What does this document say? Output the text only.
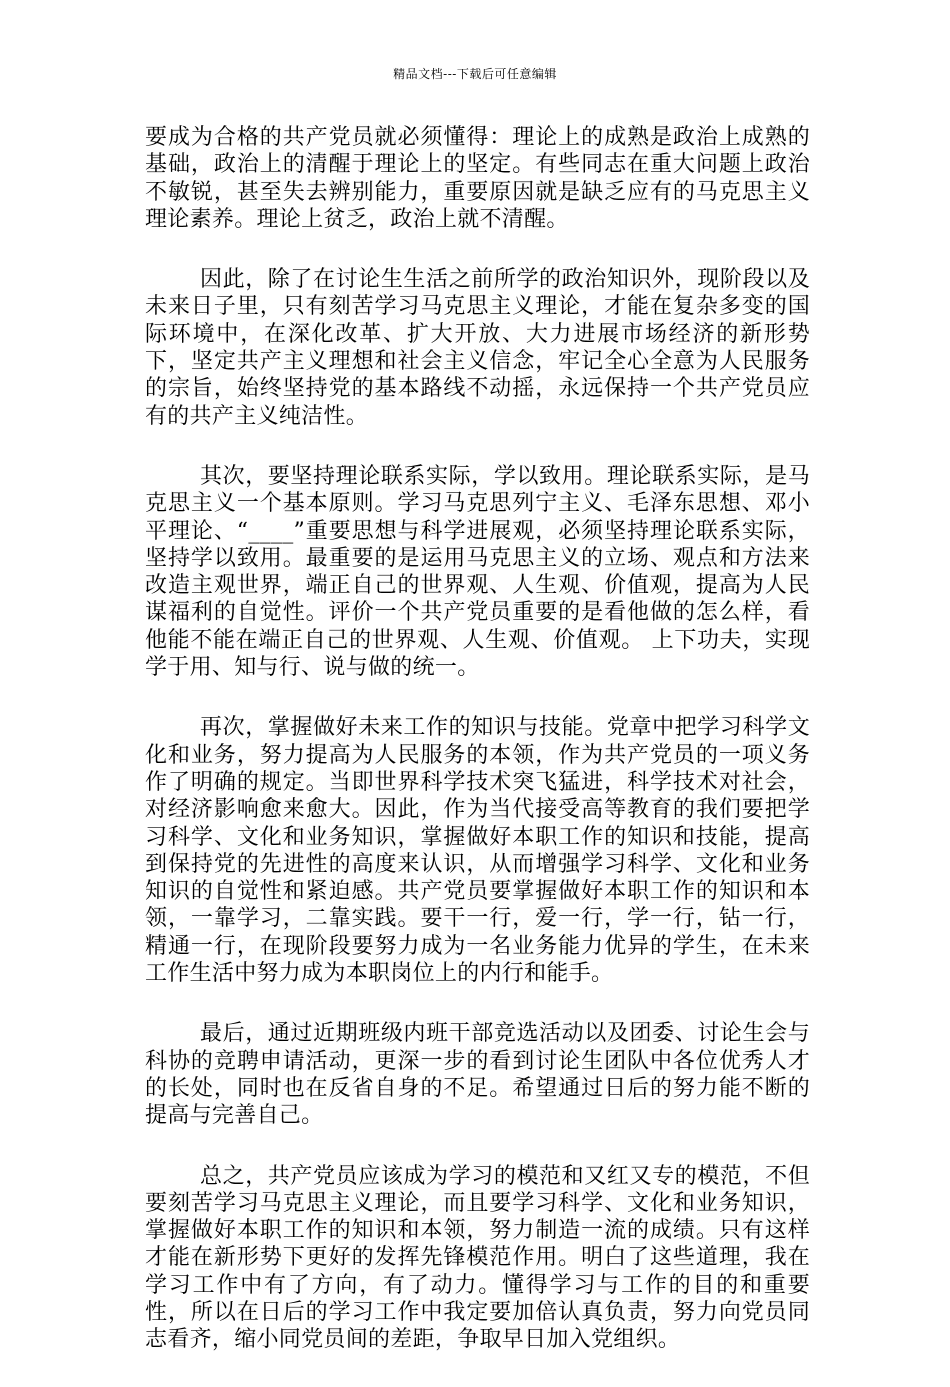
精品文档---下载后可任意编辑

要成为合格的共产党员就必须懂得：理论上的成熟是政治上成熟的基础，政治上的清醒于理论上的坚定。有些同志在重大问题上政治不敏锐，甚至失去辨别能力，重要原因就是缺乏应有的马克思主义理论素养。理论上贫乏，政治上就不清醒。

因此，除了在讨论生生活之前所学的政治知识外，现阶段以及未来日子里，只有刻苦学习马克思主义理论，才能在复杂多变的国际环境中，在深化改革、扩大开放、大力进展市场经济的新形势下，坚定共产主义理想和社会主义信念，牢记全心全意为人民服务的宗旨，始终坚持党的基本路线不动摇，永远保持一个共产党员应有的共产主义纯洁性。

其次，要坚持理论联系实际，学以致用。理论联系实际，是马克思主义一个基本原则。学习马克思列宁主义、毛泽东思想、邓小平理论、“____”重要思想与科学进展观，必须坚持理论联系实际，坚持学以致用。最重要的是运用马克思主义的立场、观点和方法来改造主观世界，端正自己的世界观、人生观、价值观，提高为人民谋福利的自觉性。评价一个共产党员重要的是看他做的怎么样，看他能不能在端正自己的世界观、人生观、价值观。 上下功夫，实现学于用、知与行、说与做的统一。

再次，掌握做好未来工作的知识与技能。党章中把学习科学文化和业务，努力提高为人民服务的本领，作为共产党员的一项义务作了明确的规定。当即世界科学技术突飞猛进，科学技术对社会，对经济影响愈来愈大。因此，作为当代接受高等教育的我们要把学习科学、文化和业务知识，掌握做好本职工作的知识和技能，提高到保持党的先进性的高度来认识，从而增强学习科学、文化和业务知识的自觉性和紧迫感。共产党员要掌握做好本职工作的知识和本领，一靠学习，二靠实践。要干一行，爱一行，学一行，钻一行，精通一行，在现阶段要努力成为一名业务能力优异的学生，在未来工作生活中努力成为本职岗位上的内行和能手。

最后，通过近期班级内班干部竞选活动以及团委、讨论生会与科协的竞聘申请活动，更深一步的看到讨论生团队中各位优秀人才的长处，同时也在反省自身的不足。希望通过日后的努力能不断的提高与完善自己。

总之，共产党员应该成为学习的模范和又红又专的模范，不但要刻苦学习马克思主义理论，而且要学习科学、文化和业务知识，掌握做好本职工作的知识和本领，努力制造一流的成绩。只有这样才能在新形势下更好的发挥先锋模范作用。明白了这些道理，我在学习工作中有了方向，有了动力。懂得学习与工作的目的和重要性，所以在日后的学习工作中我定要加倍认真负责，努力向党员同志看齐，缩小同党员间的差距，争取早日加入党组织。
